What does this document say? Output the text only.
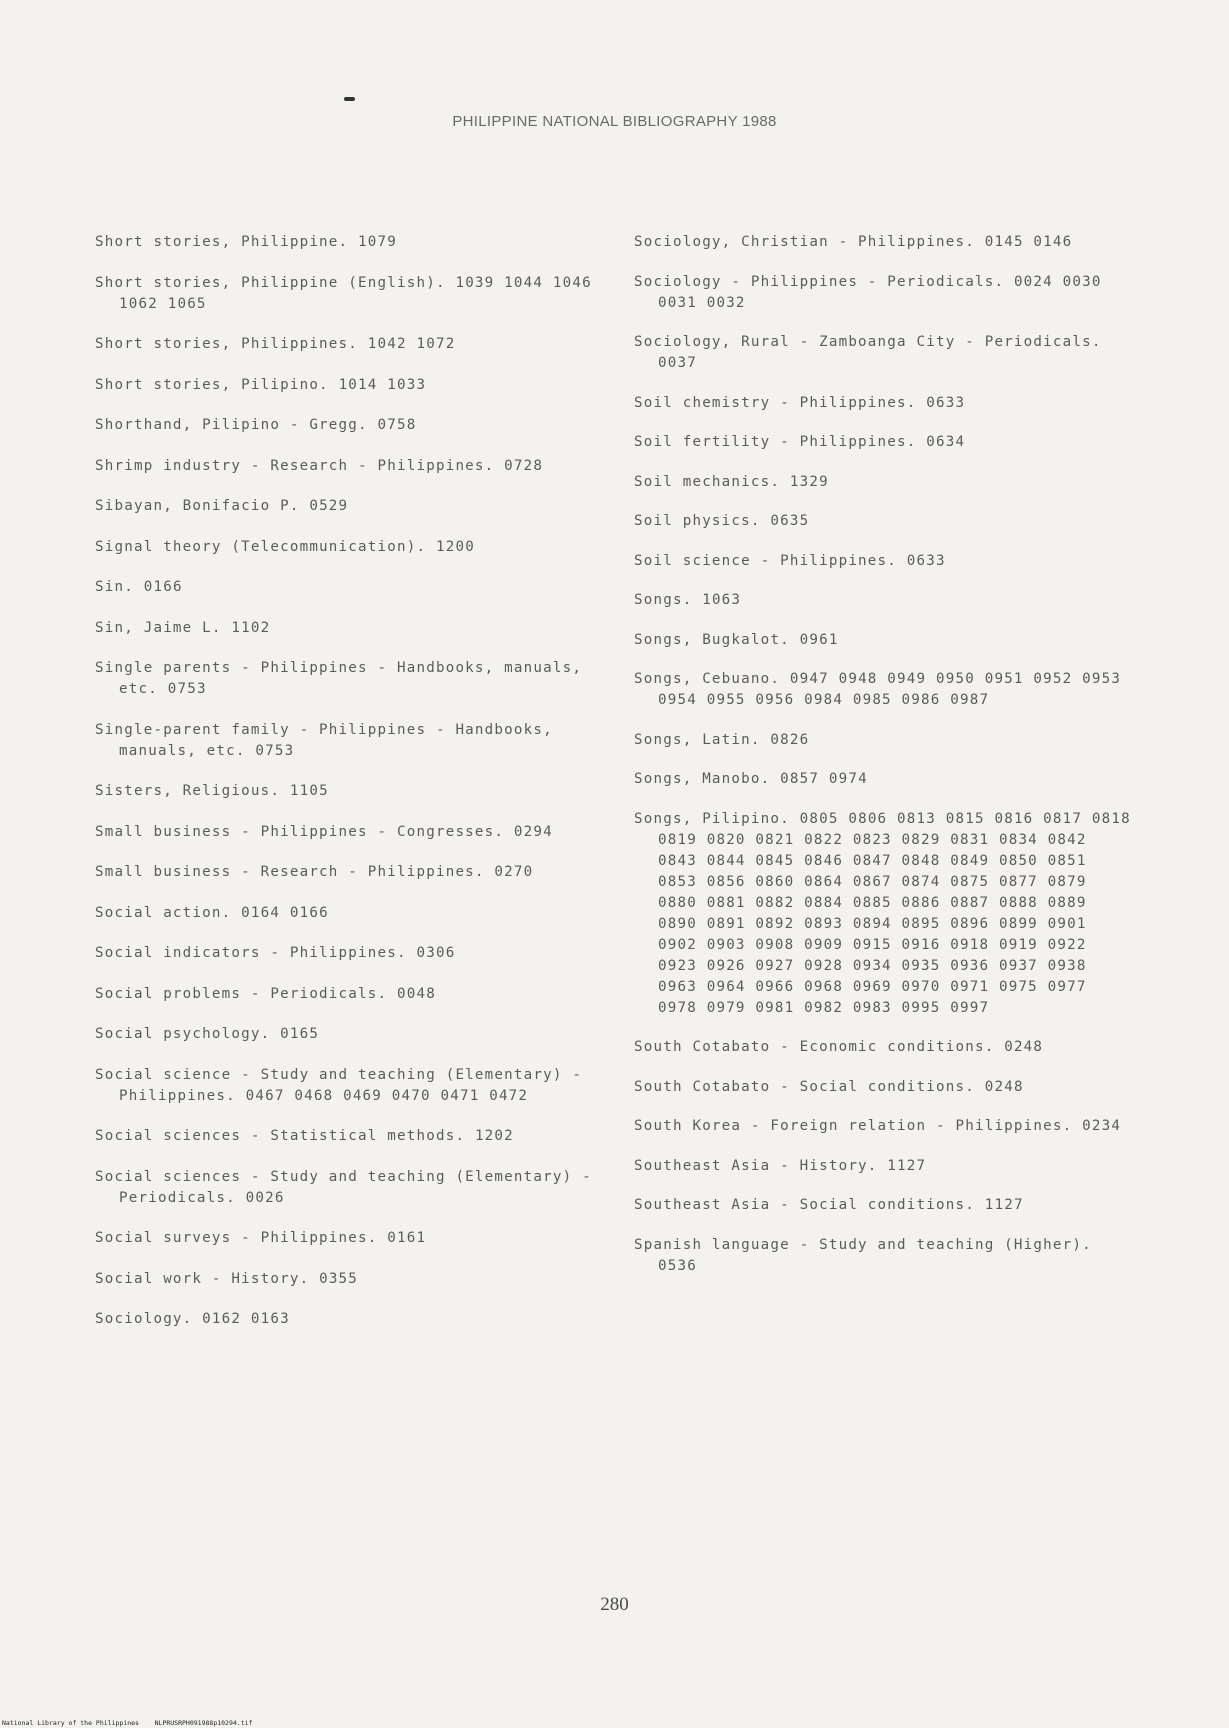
PHILIPPINE NATIONAL BIBLIOGRAPHY 1988
Short stories, Philippine. 1079
Short stories, Philippine (English). 1039 1044 1046 1062 1065
Short stories, Philippines. 1042 1072
Short stories, Pilipino. 1014 1033
Shorthand, Pilipino - Gregg. 0758
Shrimp industry - Research - Philippines. 0728
Sibayan, Bonifacio P. 0529
Signal theory (Telecommunication). 1200
Sin. 0166
Sin, Jaime L. 1102
Single parents - Philippines - Handbooks, manuals, etc. 0753
Single-parent family - Philippines - Handbooks, manuals, etc. 0753
Sisters, Religious. 1105
Small business - Philippines - Congresses. 0294
Small business - Research - Philippines. 0270
Social action. 0164 0166
Social indicators - Philippines. 0306
Social problems - Periodicals. 0048
Social psychology. 0165
Social science - Study and teaching (Elementary) - Philippines. 0467 0468 0469 0470 0471 0472
Social sciences - Statistical methods. 1202
Social sciences - Study and teaching (Elementary) - Periodicals. 0026
Social surveys - Philippines. 0161
Social work - History. 0355
Sociology. 0162 0163
Sociology, Christian - Philippines. 0145 0146
Sociology - Philippines - Periodicals. 0024 0030 0031 0032
Sociology, Rural - Zamboanga City - Periodicals. 0037
Soil chemistry - Philippines. 0633
Soil fertility - Philippines. 0634
Soil mechanics. 1329
Soil physics. 0635
Soil science - Philippines. 0633
Songs. 1063
Songs, Bugkalot. 0961
Songs, Cebuano. 0947 0948 0949 0950 0951 0952 0953 0954 0955 0956 0984 0985 0986 0987
Songs, Latin. 0826
Songs, Manobo. 0857 0974
Songs, Pilipino. 0805 0806 0813 0815 0816 0817 0818 0819 0820 0821 0822 0823 0829 0831 0834 0842 0843 0844 0845 0846 0847 0848 0849 0850 0851 0853 0856 0860 0864 0867 0874 0875 0877 0879 0880 0881 0882 0884 0885 0886 0887 0888 0889 0890 0891 0892 0893 0894 0895 0896 0899 0901 0902 0903 0908 0909 0915 0916 0918 0919 0922 0923 0926 0927 0928 0934 0935 0936 0937 0938 0963 0964 0966 0968 0969 0970 0971 0975 0977 0978 0979 0981 0982 0983 0995 0997
South Cotabato - Economic conditions. 0248
South Cotabato - Social conditions. 0248
South Korea - Foreign relation - Philippines. 0234
Southeast Asia - History. 1127
Southeast Asia - Social conditions. 1127
Spanish language - Study and teaching (Higher). 0536
280
National Library of the Philippines    NLPRUSRPH091988p10294.tif
